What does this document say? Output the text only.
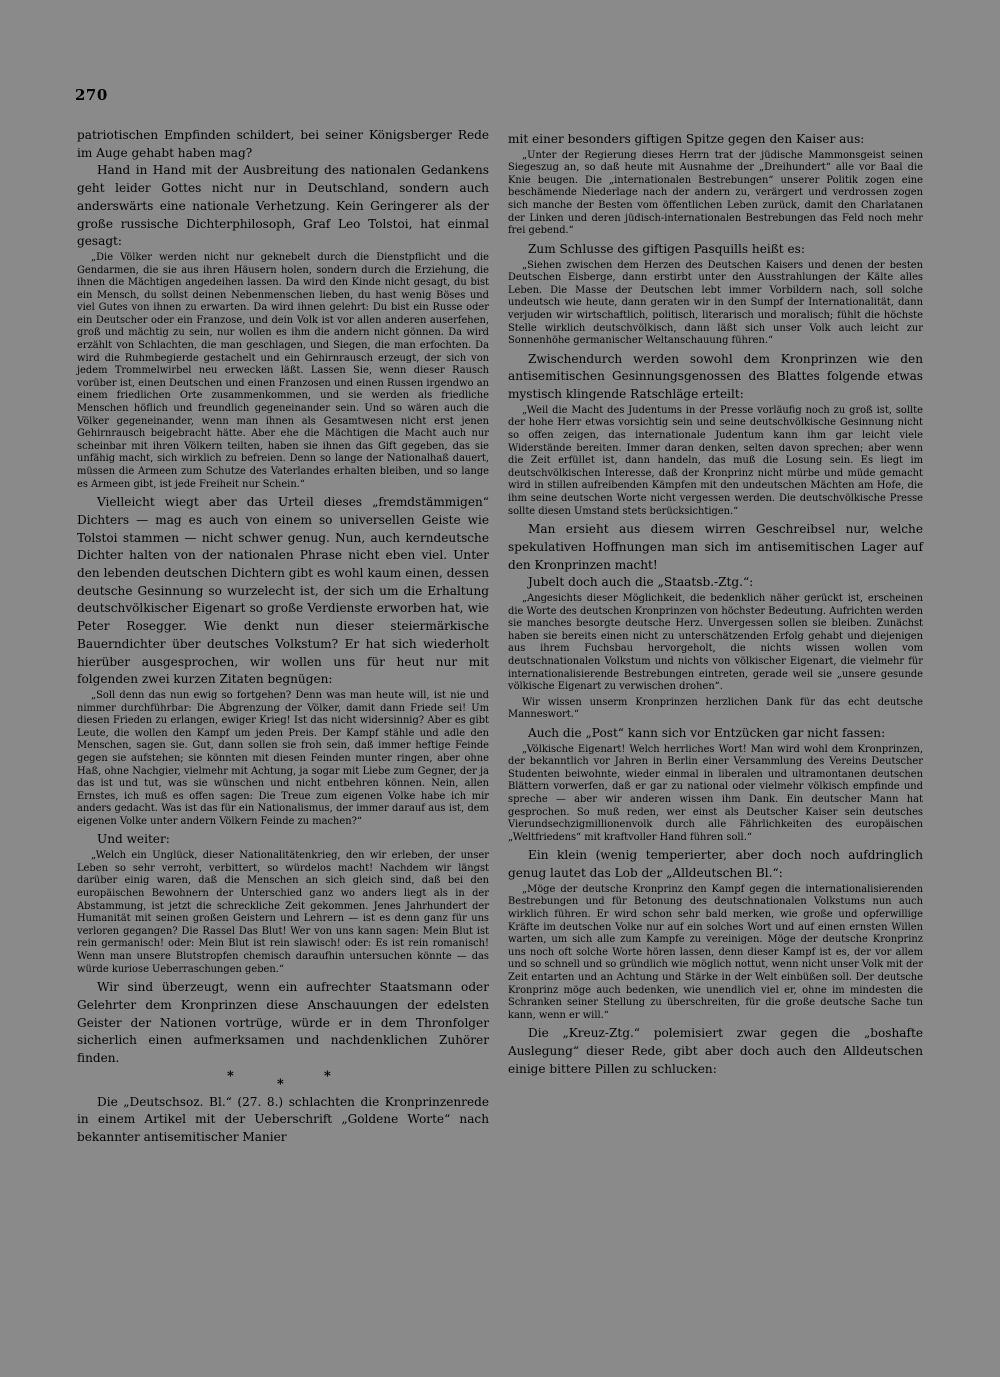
270

patriotischen Empfinden schildert, bei seiner Königsberger Rede im Auge gehabt haben mag?

Hand in Hand mit der Ausbreitung des nationalen Gedankens geht leider Gottes nicht nur in Deutschland, sondern auch anderswärts eine nationale Verhetzung. Kein Geringerer als der große russische Dichterphilosoph, Graf Leo Tolstoi, hat einmal gesagt:

„Die Völker werden nicht nur geknebelt durch die Dienstpflicht und die Gendarmen, die sie aus ihren Häusern holen, sondern durch die Erziehung, die ihnen die Mächtigen angedeihen lassen. Da wird den Kinde nicht gesagt, du bist ein Mensch, du sollst deinen Nebenmenschen lieben, du hast wenig Böses und viel Gutes von ihnen zu erwarten. Da wird ihnen gelehrt: Du bist ein Russe oder ein Deutscher oder ein Franzose, und dein Volk ist vor allen anderen auserfehen, groß und mächtig zu sein, nur wollen es ihm die andern nicht gönnen. Da wird erzählt von Schlachten, die man geschlagen, und Siegen, die man erfochten. Da wird die Ruhmbegierde gestachelt und ein Gehirnrausch erzeugt, der sich von jedem Trommelwirbel neu erwecken läßt. Lassen Sie, wenn dieser Rausch vorüber ist, einen Deutschen und einen Franzosen und einen Russen irgendwo an einem friedlichen Orte zusammenkommen, und sie werden als friedliche Menschen höflich und freundlich gegeneinander sein. Und so wären auch die Völker gegeneinander, wenn man ihnen als Gesamtwesen nicht erst jenen Gehirnrausch beigebracht hätte. Aber ehe die Mächtigen die Macht auch nur scheinbar mit ihren Völkern teilten, haben sie ihnen das Gift gegeben, das sie unfähig macht, sich wirklich zu befreien. Denn so lange der Nationalhaß dauert, müssen die Armeen zum Schutze des Vaterlandes erhalten bleiben, und so lange es Armeen gibt, ist jede Freiheit nur Schein.“

Vielleicht wiegt aber das Urteil dieses „fremdstämmigen“ Dichters — mag es auch von einem so universellen Geiste wie Tolstoi stammen — nicht schwer genug. Nun, auch kerndeutsche Dichter halten von der nationalen Phrase nicht eben viel. Unter den lebenden deutschen Dichtern gibt es wohl kaum einen, dessen deutsche Gesinnung so wurzelecht ist, der sich um die Erhaltung deutschvölkischer Eigenart so große Verdienste erworben hat, wie Peter Rosegger. Wie denkt nun dieser steiermärkische Bauerndichter über deutsches Volkstum? Er hat sich wiederholt hierüber ausgesprochen, wir wollen uns für heut nur mit folgenden zwei kurzen Zitaten begnügen:

„Soll denn das nun ewig so fortgehen? Denn was man heute will, ist nie und nimmer durchführbar: Die Abgrenzung der Völker, damit dann Friede sei! Um diesen Frieden zu erlangen, ewiger Krieg! Ist das nicht widersinnig? Aber es gibt Leute, die wollen den Kampf um jeden Preis. Der Kampf stähle und adle den Menschen, sagen sie. Gut, dann sollen sie froh sein, daß immer heftige Feinde gegen sie aufstehen; sie könnten mit diesen Feinden munter ringen, aber ohne Haß, ohne Nachgier, vielmehr mit Achtung, ja sogar mit Liebe zum Gegner, der ja das ist und tut, was sie wünschen und nicht entbehren können. Nein, allen Ernstes, ich muß es offen sagen: Die Treue zum eigenen Volke habe ich mir anders gedacht. Was ist das für ein Nationalismus, der immer darauf aus ist, dem eigenen Volke unter andern Völkern Feinde zu machen?“

Und weiter:

„Welch ein Unglück, dieser Nationalitätenkrieg, den wir erleben, der unser Leben so sehr verroht, verbittert, so würdelos macht! Nachdem wir längst darüber einig waren, daß die Menschen an sich gleich sind, daß bei den europäischen Bewohnern der Unterschied ganz wo anders liegt als in der Abstammung, ist jetzt die schreckliche Zeit gekommen. Jenes Jahrhundert der Humanität mit seinen großen Geistern und Lehrern — ist es denn ganz für uns verloren gegangen? Die Rassel Das Blut! Wer von uns kann sagen: Mein Blut ist rein germanisch! oder: Mein Blut ist rein slawisch! oder: Es ist rein romanisch! Wenn man unsere Blutstropfen chemisch daraufhin untersuchen könnte — das würde kuriose Ueberraschungen geben.“

Wir sind überzeugt, wenn ein aufrechter Staatsmann oder Gelehrter dem Kronprinzen diese Anschauungen der edelsten Geister der Nationen vortrüge, würde er in dem Thronfolger sicherlich einen aufmerksamen und nachdenklichen Zuhörer finden.

*
*
*

Die „Deutschsoz. Bl.“ (27. 8.) schlachten die Kronprinzenrede in einem Artikel mit der Ueberschrift „Goldene Worte“ nach bekannter antisemitischer Manier

mit einer besonders giftigen Spitze gegen den Kaiser aus:

„Unter der Regierung dieses Herrn trat der jüdische Mammonsgeist seinen Siegeszug an, so daß heute mit Ausnahme der „Dreihundert“ alle vor Baal die Knie beugen. Die „internationalen Bestrebungen“ unserer Politik zogen eine beschämende Niederlage nach der andern zu, verärgert und verdrossen zogen sich manche der Besten vom öffentlichen Leben zurück, damit den Charlatanen der Linken und deren jüdisch-internationalen Bestrebungen das Feld noch mehr frei gebend.“

Zum Schlusse des giftigen Pasquills heißt es:

„Siehen zwischen dem Herzen des Deutschen Kaisers und denen der besten Deutschen Eisberge, dann erstirbt unter den Ausstrahlungen der Kälte alles Leben. Die Masse der Deutschen lebt immer Vorbildern nach, soll solche undeutsch wie heute, dann geraten wir in den Sumpf der Internationalität, dann verjuden wir wirtschaftlich, politisch, literarisch und moralisch; fühlt die höchste Stelle wirklich deutschvölkisch, dann läßt sich unser Volk auch leicht zur Sonnenhöhe germanischer Weltanschauung führen.“

Zwischendurch werden sowohl dem Kronprinzen wie den antisemitischen Gesinnungsgenossen des Blattes folgende etwas mystisch klingende Ratschläge erteilt:

„Weil die Macht des Judentums in der Presse vorläufig noch zu groß ist, sollte der hohe Herr etwas vorsichtig sein und seine deutschvölkische Gesinnung nicht so offen zeigen, das internationale Judentum kann ihm gar leicht viele Widerstände bereiten. Immer daran denken, selten davon sprechen; aber wenn die Zeit erfüllet ist, dann handeln, das muß die Losung sein. Es liegt im deutschvölkischen Interesse, daß der Kronprinz nicht mürbe und müde gemacht wird in stillen aufreibenden Kämpfen mit den undeutschen Mächten am Hofe, die ihm seine deutschen Worte nicht vergessen werden. Die deutschvölkische Presse sollte diesen Umstand stets berücksichtigen.“

Man ersieht aus diesem wirren Geschreibsel nur, welche spekulativen Hoffnungen man sich im antisemitischen Lager auf den Kronprinzen macht!

Jubelt doch auch die „Staatsb.-Ztg.“:

„Angesichts dieser Möglichkeit, die bedenklich näher gerückt ist, erscheinen die Worte des deutschen Kronprinzen von höchster Bedeutung. Aufrichten werden sie manches besorgte deutsche Herz. Unvergessen sollen sie bleiben. Zunächst haben sie bereits einen nicht zu unterschätzenden Erfolg gehabt und diejenigen aus ihrem Fuchsbau hervorgeholt, die nichts wissen wollen vom deutschnationalen Volkstum und nichts von völkischer Eigenart, die vielmehr für internationalisierende Bestrebungen eintreten, gerade weil sie „unsere gesunde völkische Eigenart zu verwischen drohen“.

Wir wissen unserm Kronprinzen herzlichen Dank für das echt deutsche Manneswort.“

Auch die „Post“ kann sich vor Entzücken gar nicht fassen:

„Völkische Eigenart! Welch herrliches Wort! Man wird wohl dem Kronprinzen, der bekanntlich vor Jahren in Berlin einer Versammlung des Vereins Deutscher Studenten beiwohnte, wieder einmal in liberalen und ultramontanen deutschen Blättern vorwerfen, daß er gar zu national oder vielmehr völkisch empfinde und spreche — aber wir anderen wissen ihm Dank. Ein deutscher Mann hat gesprochen. So muß reden, wer einst als Deutscher Kaiser sein deutsches Vierundsechzigmillionenvolk durch alle Fährlichkeiten des europäischen „Weltfriedens“ mit kraftvoller Hand führen soll.“

Ein klein (wenig temperierter, aber doch noch aufdringlich genug lautet das Lob der „Alldeutschen Bl.“:

„Möge der deutsche Kronprinz den Kampf gegen die internationalisierenden Bestrebungen und für Betonung des deutschnationalen Volkstums nun auch wirklich führen. Er wird schon sehr bald merken, wie große und opferwillige Kräfte im deutschen Volke nur auf ein solches Wort und auf einen ernsten Willen warten, um sich alle zum Kampfe zu vereinigen. Möge der deutsche Kronprinz uns noch oft solche Worte hören lassen, denn dieser Kampf ist es, der vor allem und so schnell und so gründlich wie möglich nottut, wenn nicht unser Volk mit der Zeit entarten und an Achtung und Stärke in der Welt einbüßen soll. Der deutsche Kronprinz möge auch bedenken, wie unendlich viel er, ohne im mindesten die Schranken seiner Stellung zu überschreiten, für die große deutsche Sache tun kann, wenn er will.“

Die „Kreuz-Ztg.“ polemisiert zwar gegen die „boshafte Auslegung“ dieser Rede, gibt aber doch auch den Alldeutschen einige bittere Pillen zu schlucken:
